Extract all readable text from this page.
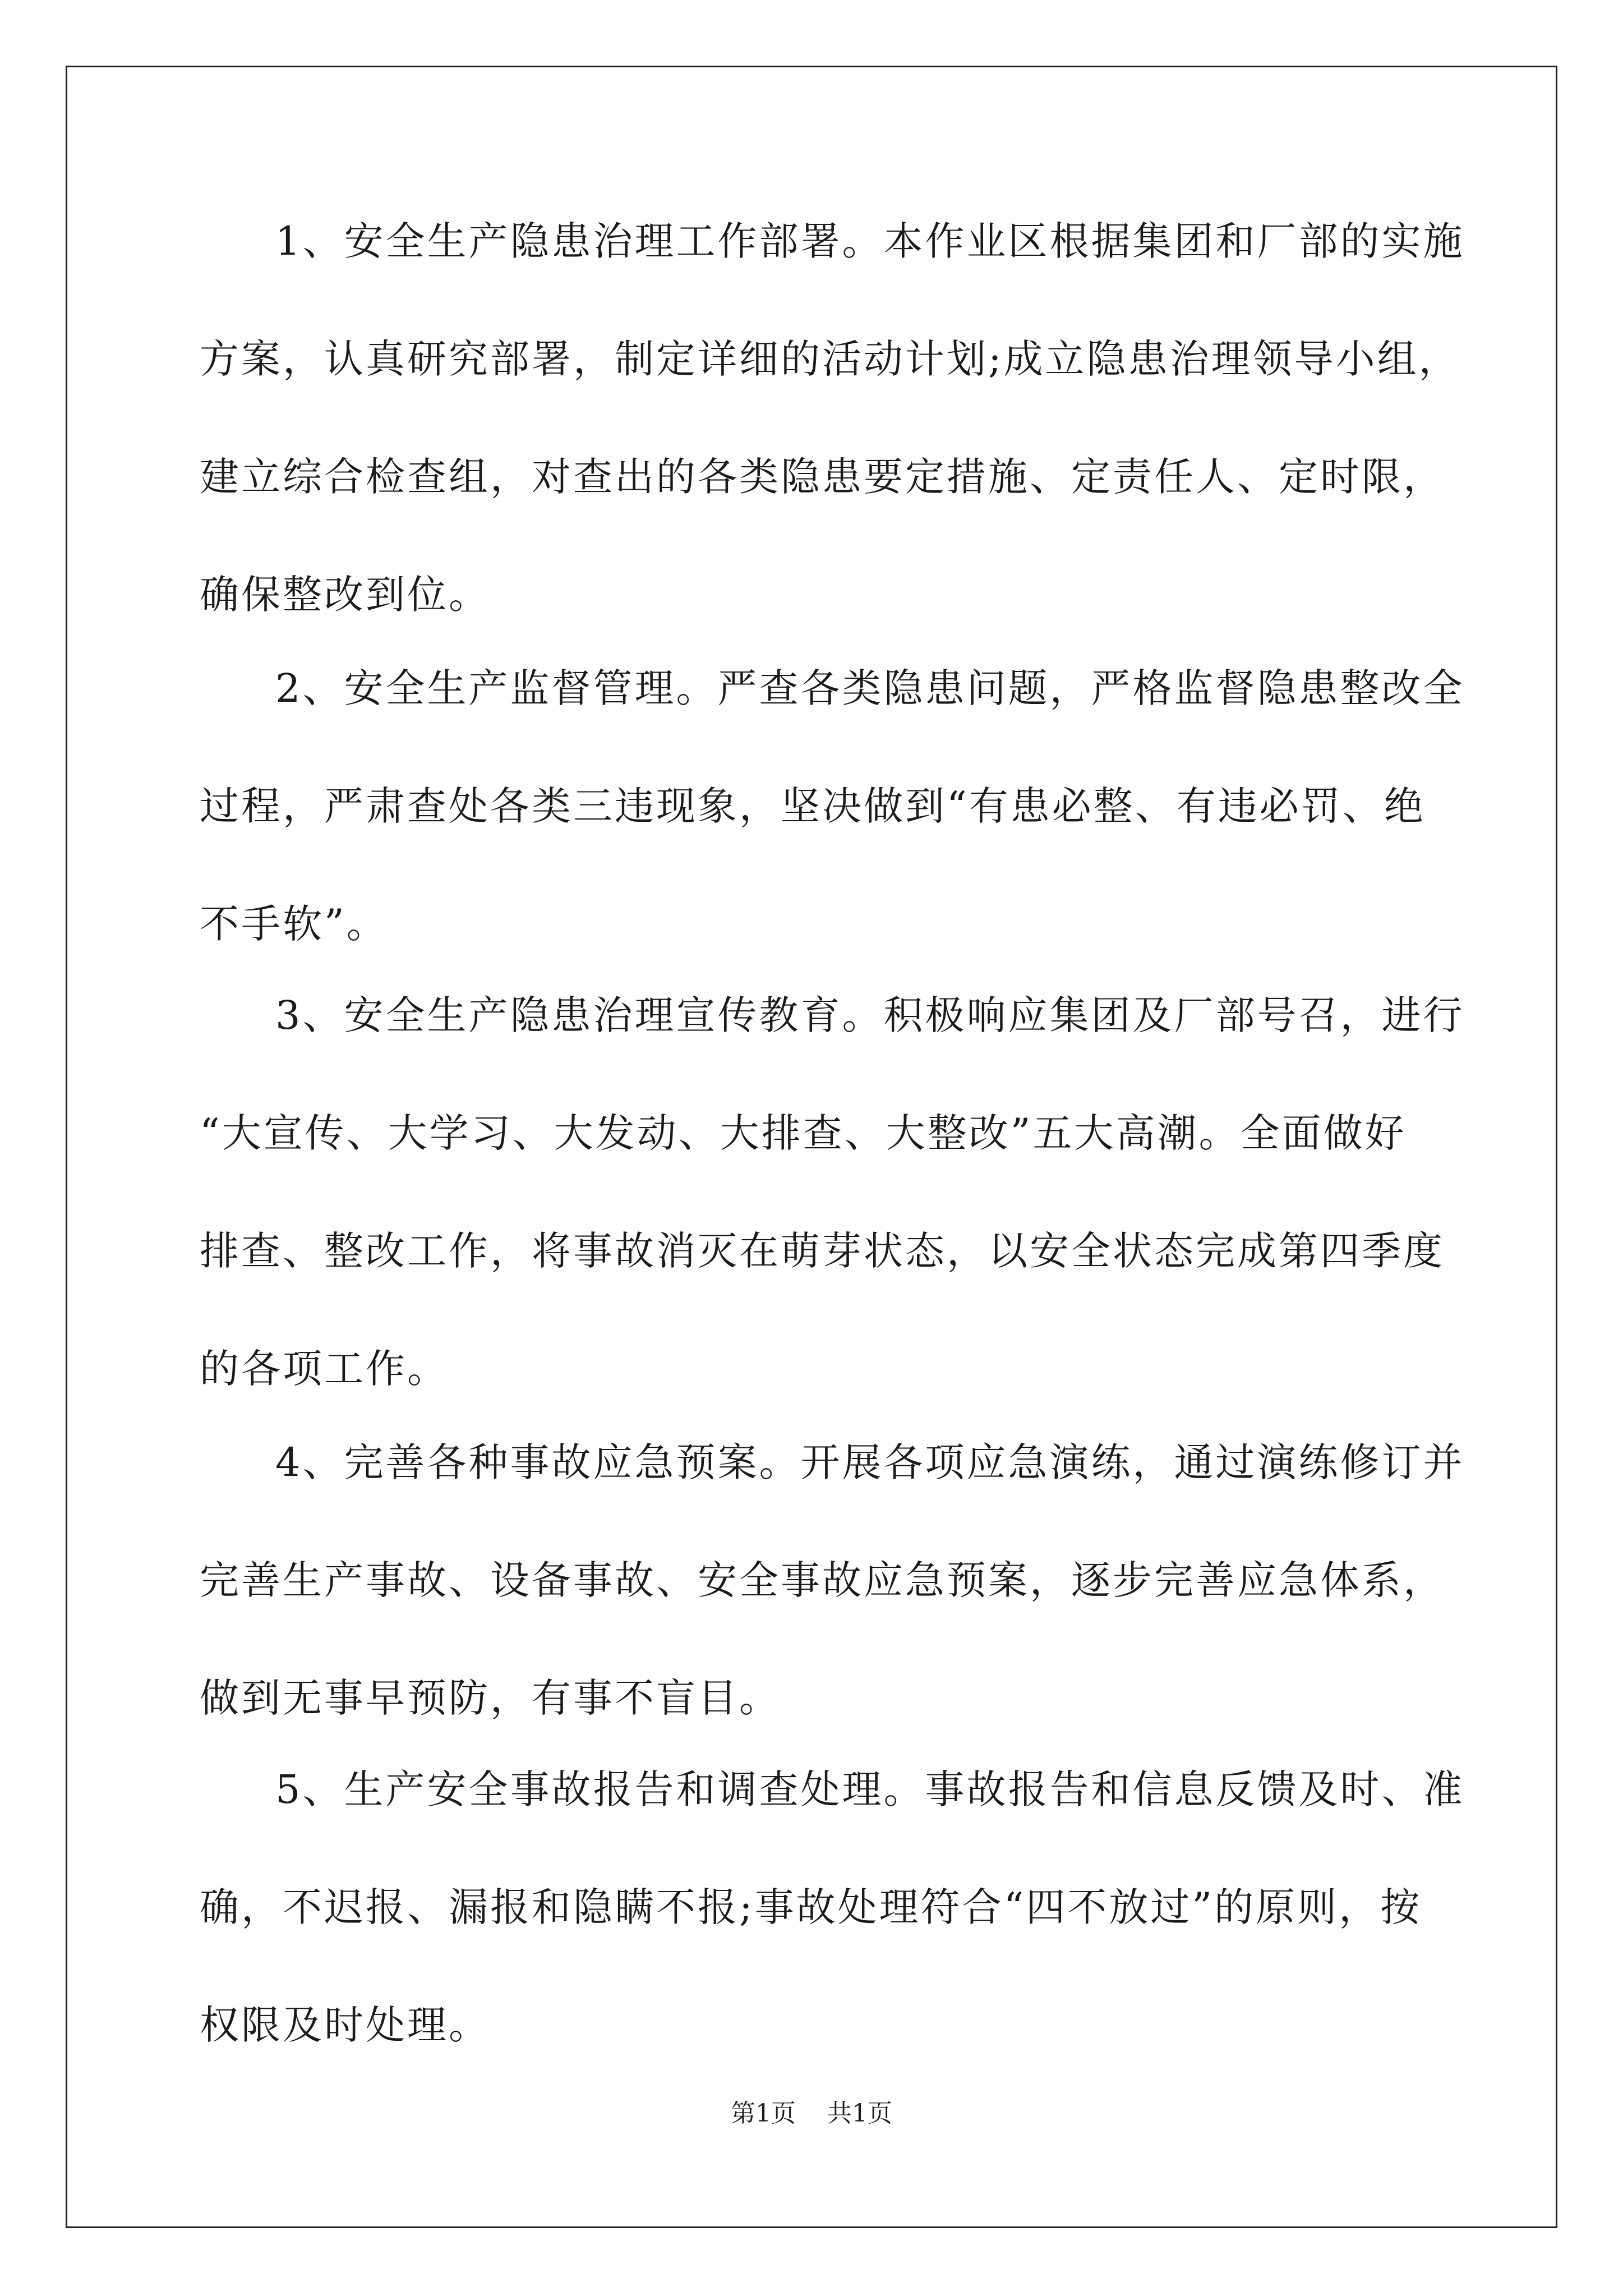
1、安全生产隐患治理工作部署。本作业区根据集团和厂部的实施
方案，认真研究部署，制定详细的活动计划;成立隐患治理领导小组，
建立综合检查组，对查出的各类隐患要定措施、定责任人、定时限，
确保整改到位。
2、安全生产监督管理。严查各类隐患问题，严格监督隐患整改全
过程，严肃查处各类三违现象，坚决做到“有患必整、有违必罚、绝
不手软”。
3、安全生产隐患治理宣传教育。积极响应集团及厂部号召，进行
“大宣传、大学习、大发动、大排查、大整改”五大高潮。全面做好
排查、整改工作，将事故消灭在萌芽状态，以安全状态完成第四季度
的各项工作。
4、完善各种事故应急预案。开展各项应急演练，通过演练修订并
完善生产事故、设备事故、安全事故应急预案，逐步完善应急体系，
做到无事早预防，有事不盲目。
5、生产安全事故报告和调查处理。事故报告和信息反馈及时、准
确，不迟报、漏报和隐瞒不报;事故处理符合“四不放过”的原则，按
权限及时处理。
第1页 共1页
